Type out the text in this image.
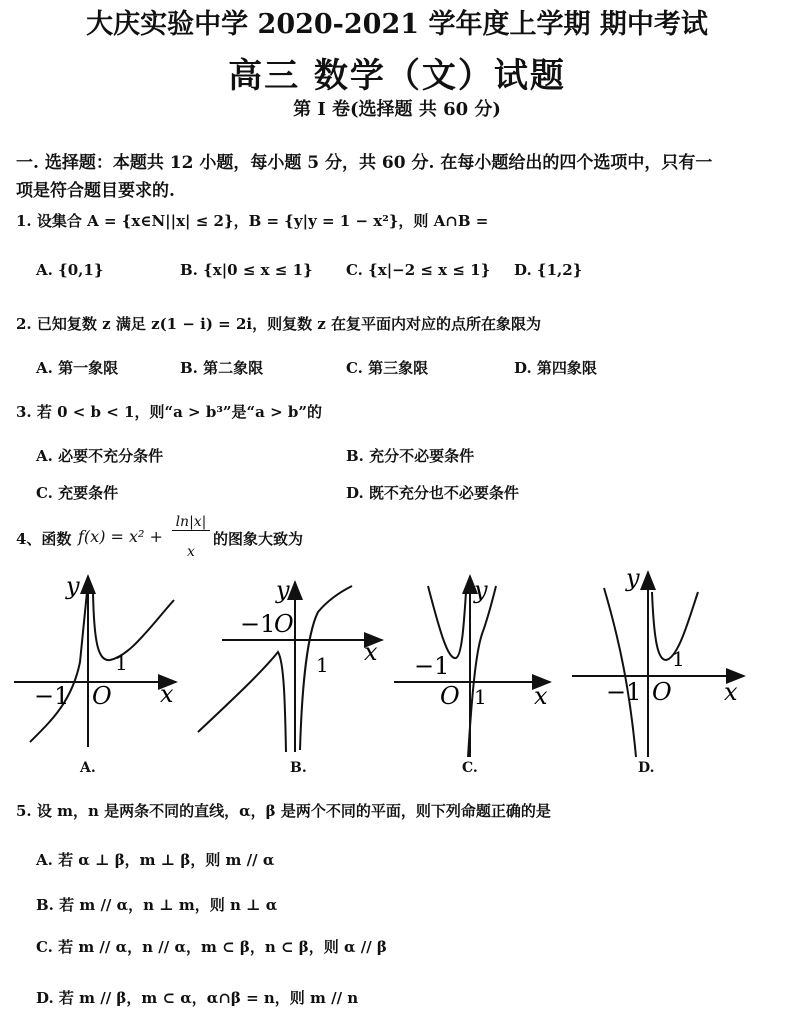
大庆实验中学 2020-2021 学年度上学期 期中考试
高三 数学（文）试题
第 I 卷(选择题 共 60 分)
一. 选择题：本题共 12 小题，每小题 5 分，共 60 分. 在每小题给出的四个选项中，只有一
项是符合题目要求的.
1. 设集合 A = {x∈N||x| ≤ 2}，B = {y|y = 1 − x²}，则 A∩B =
A. {0,1}	B. {x|0 ≤ x ≤ 1} C. {x|−2 ≤ x ≤ 1} D. {1,2}
2. 已知复数 z 满足 z(1 − i) = 2i，则复数 z 在复平面内对应的点所在象限为
A. 第一象限	B. 第二象限	C. 第三象限	D. 第四象限
3. 若 0 < b < 1，则“a > b³”是“a > b”的
A. 必要不充分条件	B. 充分不必要条件
C. 充要条件	D. 既不充分也不必要条件
4、函数 f(x) = x² +
ln|x|
x
的图象大致为
y
x
O
−1
1
y
x
O
−1
1
y
x
O
−1
1
y
x
O
−1
1
A.	B.	C.	D.
5. 设 m，n 是两条不同的直线，α，β 是两个不同的平面，则下列命题正确的是
A. 若 α ⊥ β，m ⊥ β，则 m // α
B. 若 m // α，n ⊥ m，则 n ⊥ α
C. 若 m // α，n // α，m ⊂ β，n ⊂ β，则 α // β
D. 若 m // β，m ⊂ α，α∩β = n，则 m // n
